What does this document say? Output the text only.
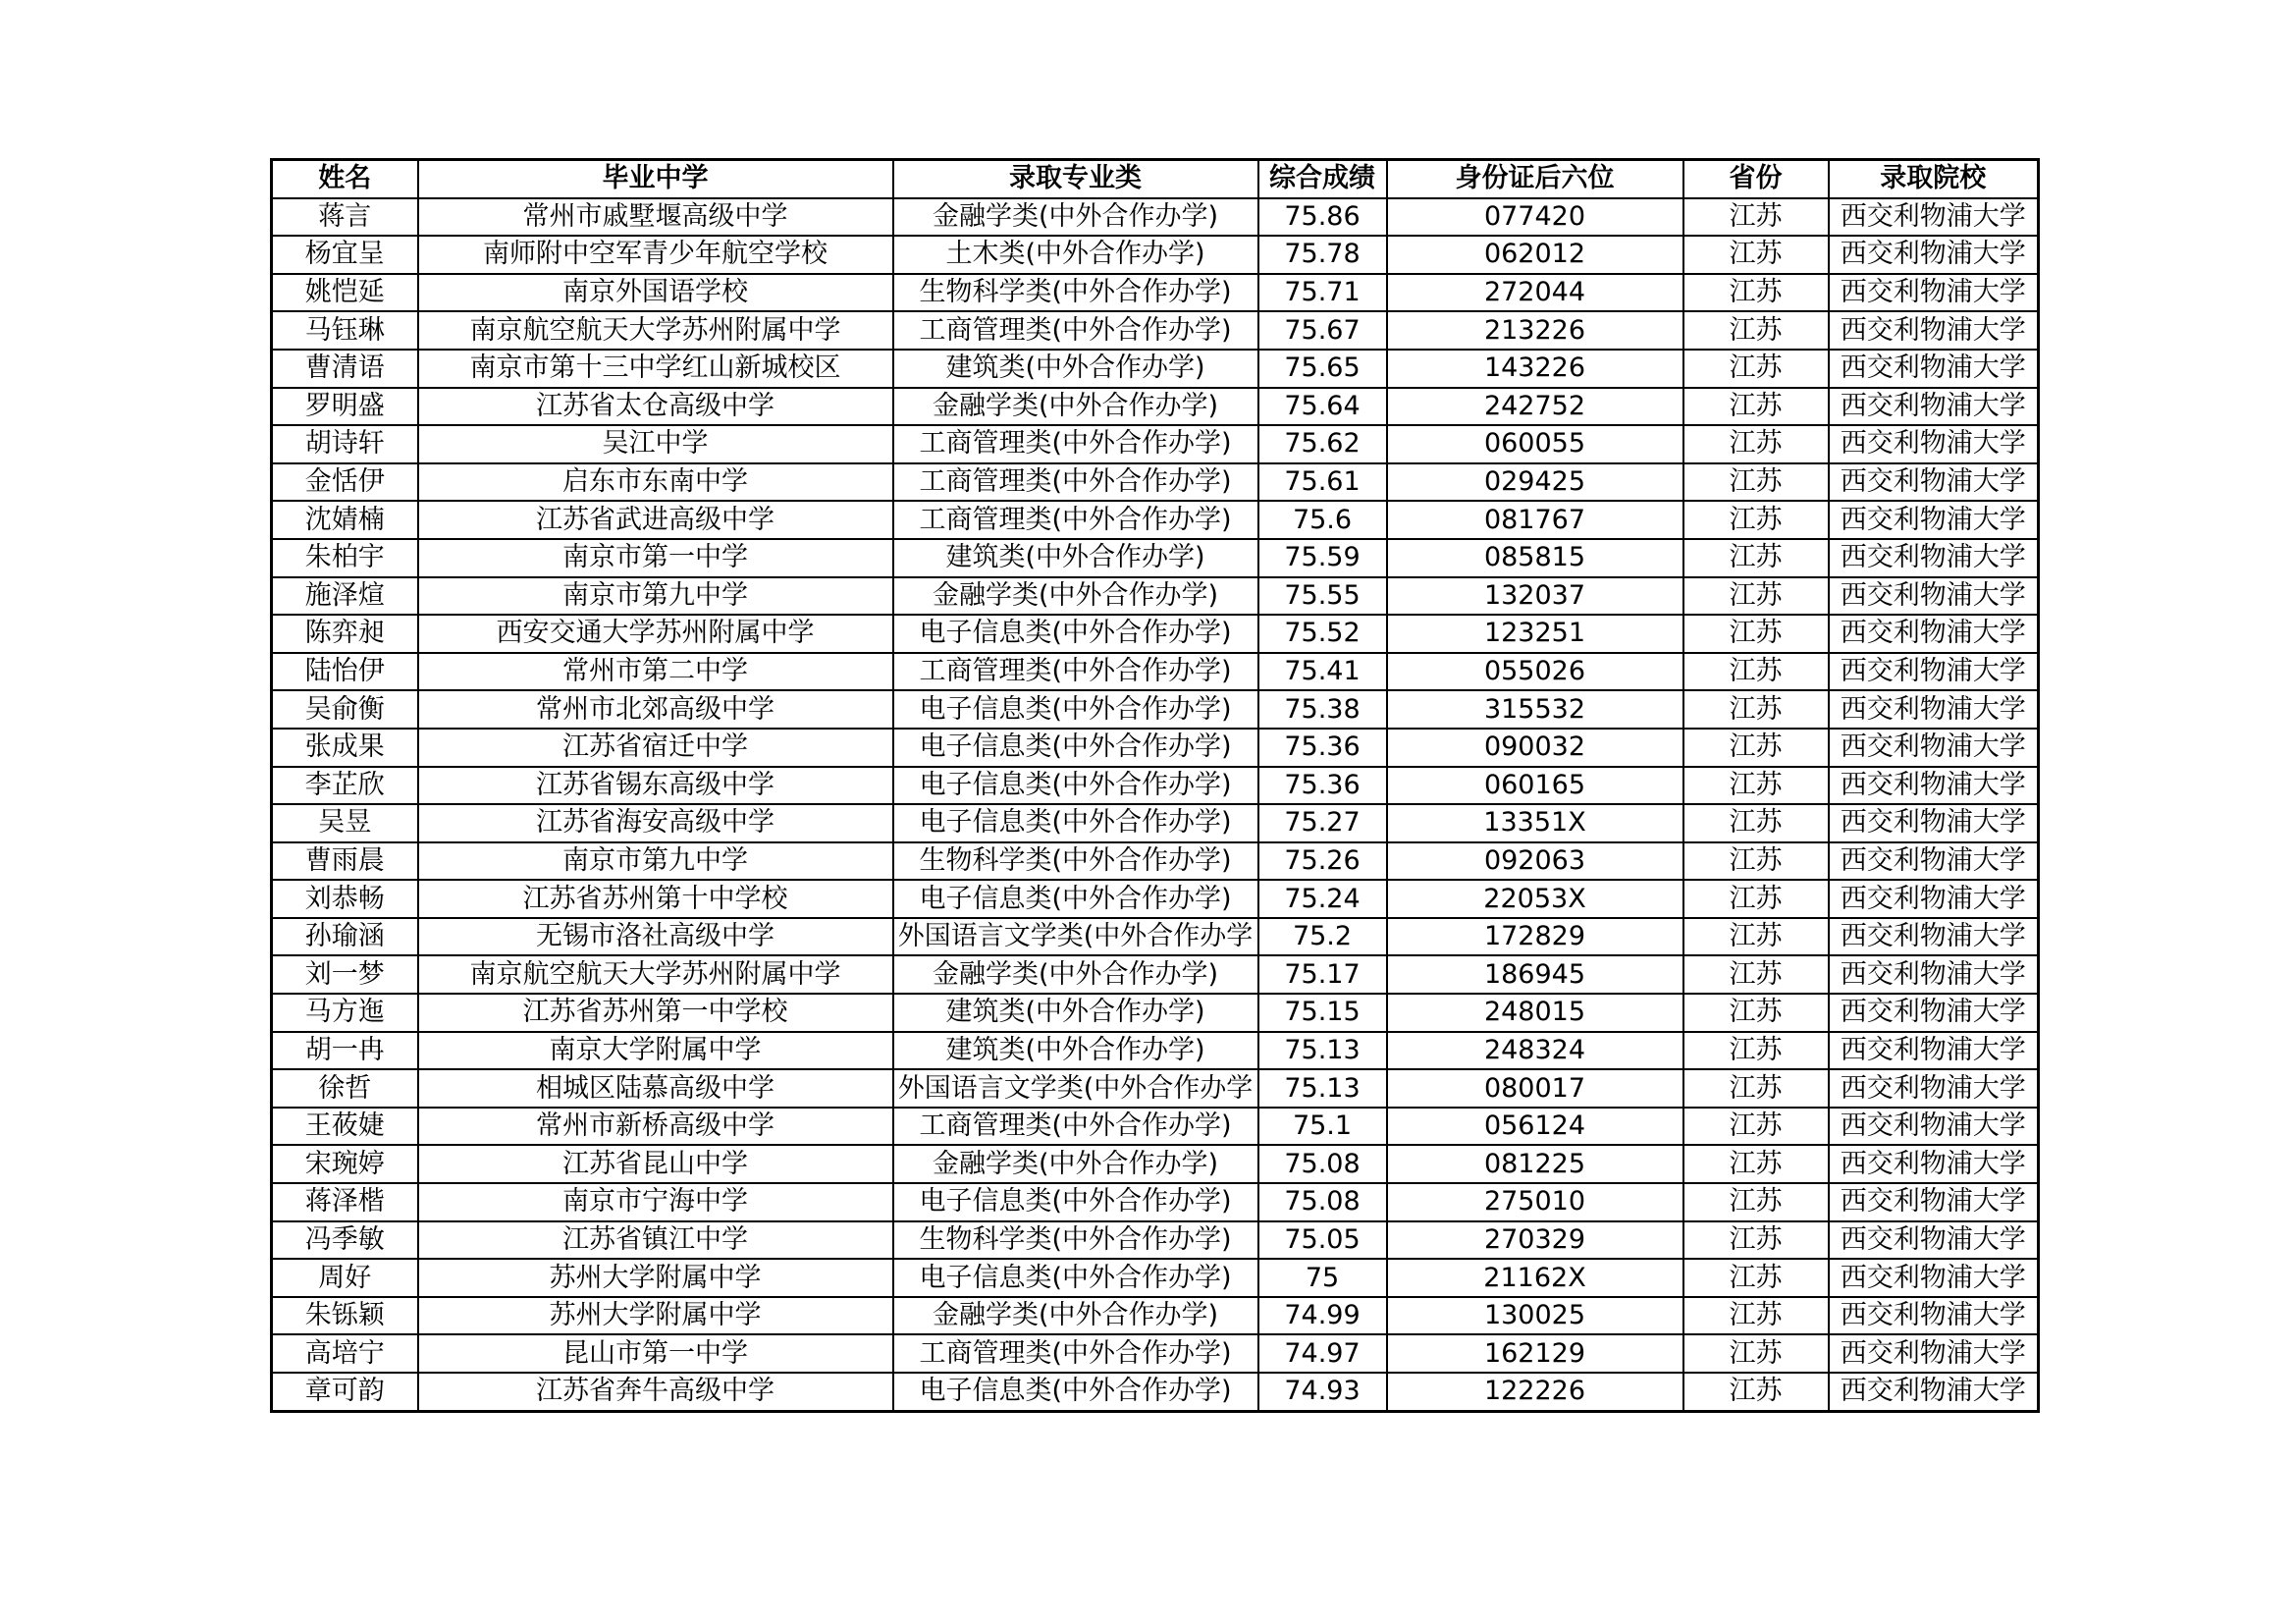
姓名	毕业中学	录取专业类	综合成绩	身份证后六位	省份	录取院校
蒋言	常州市戚墅堰高级中学	金融学类(中外合作办学)	75.86	077420	江苏	西交利物浦大学
杨宜呈	南师附中空军青少年航空学校	土木类(中外合作办学)	75.78	062012	江苏	西交利物浦大学
姚恺延	南京外国语学校	生物科学类(中外合作办学)	75.71	272044	江苏	西交利物浦大学
马钰琳	南京航空航天大学苏州附属中学	工商管理类(中外合作办学)	75.67	213226	江苏	西交利物浦大学
曹清语	南京市第十三中学红山新城校区	建筑类(中外合作办学)	75.65	143226	江苏	西交利物浦大学
罗明盛	江苏省太仓高级中学	金融学类(中外合作办学)	75.64	242752	江苏	西交利物浦大学
胡诗轩	吴江中学	工商管理类(中外合作办学)	75.62	060055	江苏	西交利物浦大学
金恬伊	启东市东南中学	工商管理类(中外合作办学)	75.61	029425	江苏	西交利物浦大学
沈婧楠	江苏省武进高级中学	工商管理类(中外合作办学)	75.6	081767	江苏	西交利物浦大学
朱柏宇	南京市第一中学	建筑类(中外合作办学)	75.59	085815	江苏	西交利物浦大学
施泽煊	南京市第九中学	金融学类(中外合作办学)	75.55	132037	江苏	西交利物浦大学
陈弈昶	西安交通大学苏州附属中学	电子信息类(中外合作办学)	75.52	123251	江苏	西交利物浦大学
陆怡伊	常州市第二中学	工商管理类(中外合作办学)	75.41	055026	江苏	西交利物浦大学
吴俞衡	常州市北郊高级中学	电子信息类(中外合作办学)	75.38	315532	江苏	西交利物浦大学
张成果	江苏省宿迁中学	电子信息类(中外合作办学)	75.36	090032	江苏	西交利物浦大学
李芷欣	江苏省锡东高级中学	电子信息类(中外合作办学)	75.36	060165	江苏	西交利物浦大学
吴昱	江苏省海安高级中学	电子信息类(中外合作办学)	75.27	13351X	江苏	西交利物浦大学
曹雨晨	南京市第九中学	生物科学类(中外合作办学)	75.26	092063	江苏	西交利物浦大学
刘恭畅	江苏省苏州第十中学校	电子信息类(中外合作办学)	75.24	22053X	江苏	西交利物浦大学
孙瑜涵	无锡市洛社高级中学	外国语言文学类(中外合作办学	75.2	172829	江苏	西交利物浦大学
刘一梦	南京航空航天大学苏州附属中学	金融学类(中外合作办学)	75.17	186945	江苏	西交利物浦大学
马方迤	江苏省苏州第一中学校	建筑类(中外合作办学)	75.15	248015	江苏	西交利物浦大学
胡一冉	南京大学附属中学	建筑类(中外合作办学)	75.13	248324	江苏	西交利物浦大学
徐哲	相城区陆慕高级中学	外国语言文学类(中外合作办学	75.13	080017	江苏	西交利物浦大学
王莜婕	常州市新桥高级中学	工商管理类(中外合作办学)	75.1	056124	江苏	西交利物浦大学
宋琬婷	江苏省昆山中学	金融学类(中外合作办学)	75.08	081225	江苏	西交利物浦大学
蒋泽楷	南京市宁海中学	电子信息类(中外合作办学)	75.08	275010	江苏	西交利物浦大学
冯季敏	江苏省镇江中学	生物科学类(中外合作办学)	75.05	270329	江苏	西交利物浦大学
周好	苏州大学附属中学	电子信息类(中外合作办学)	75	21162X	江苏	西交利物浦大学
朱铄颖	苏州大学附属中学	金融学类(中外合作办学)	74.99	130025	江苏	西交利物浦大学
高培宁	昆山市第一中学	工商管理类(中外合作办学)	74.97	162129	江苏	西交利物浦大学
章可韵	江苏省奔牛高级中学	电子信息类(中外合作办学)	74.93	122226	江苏	西交利物浦大学
